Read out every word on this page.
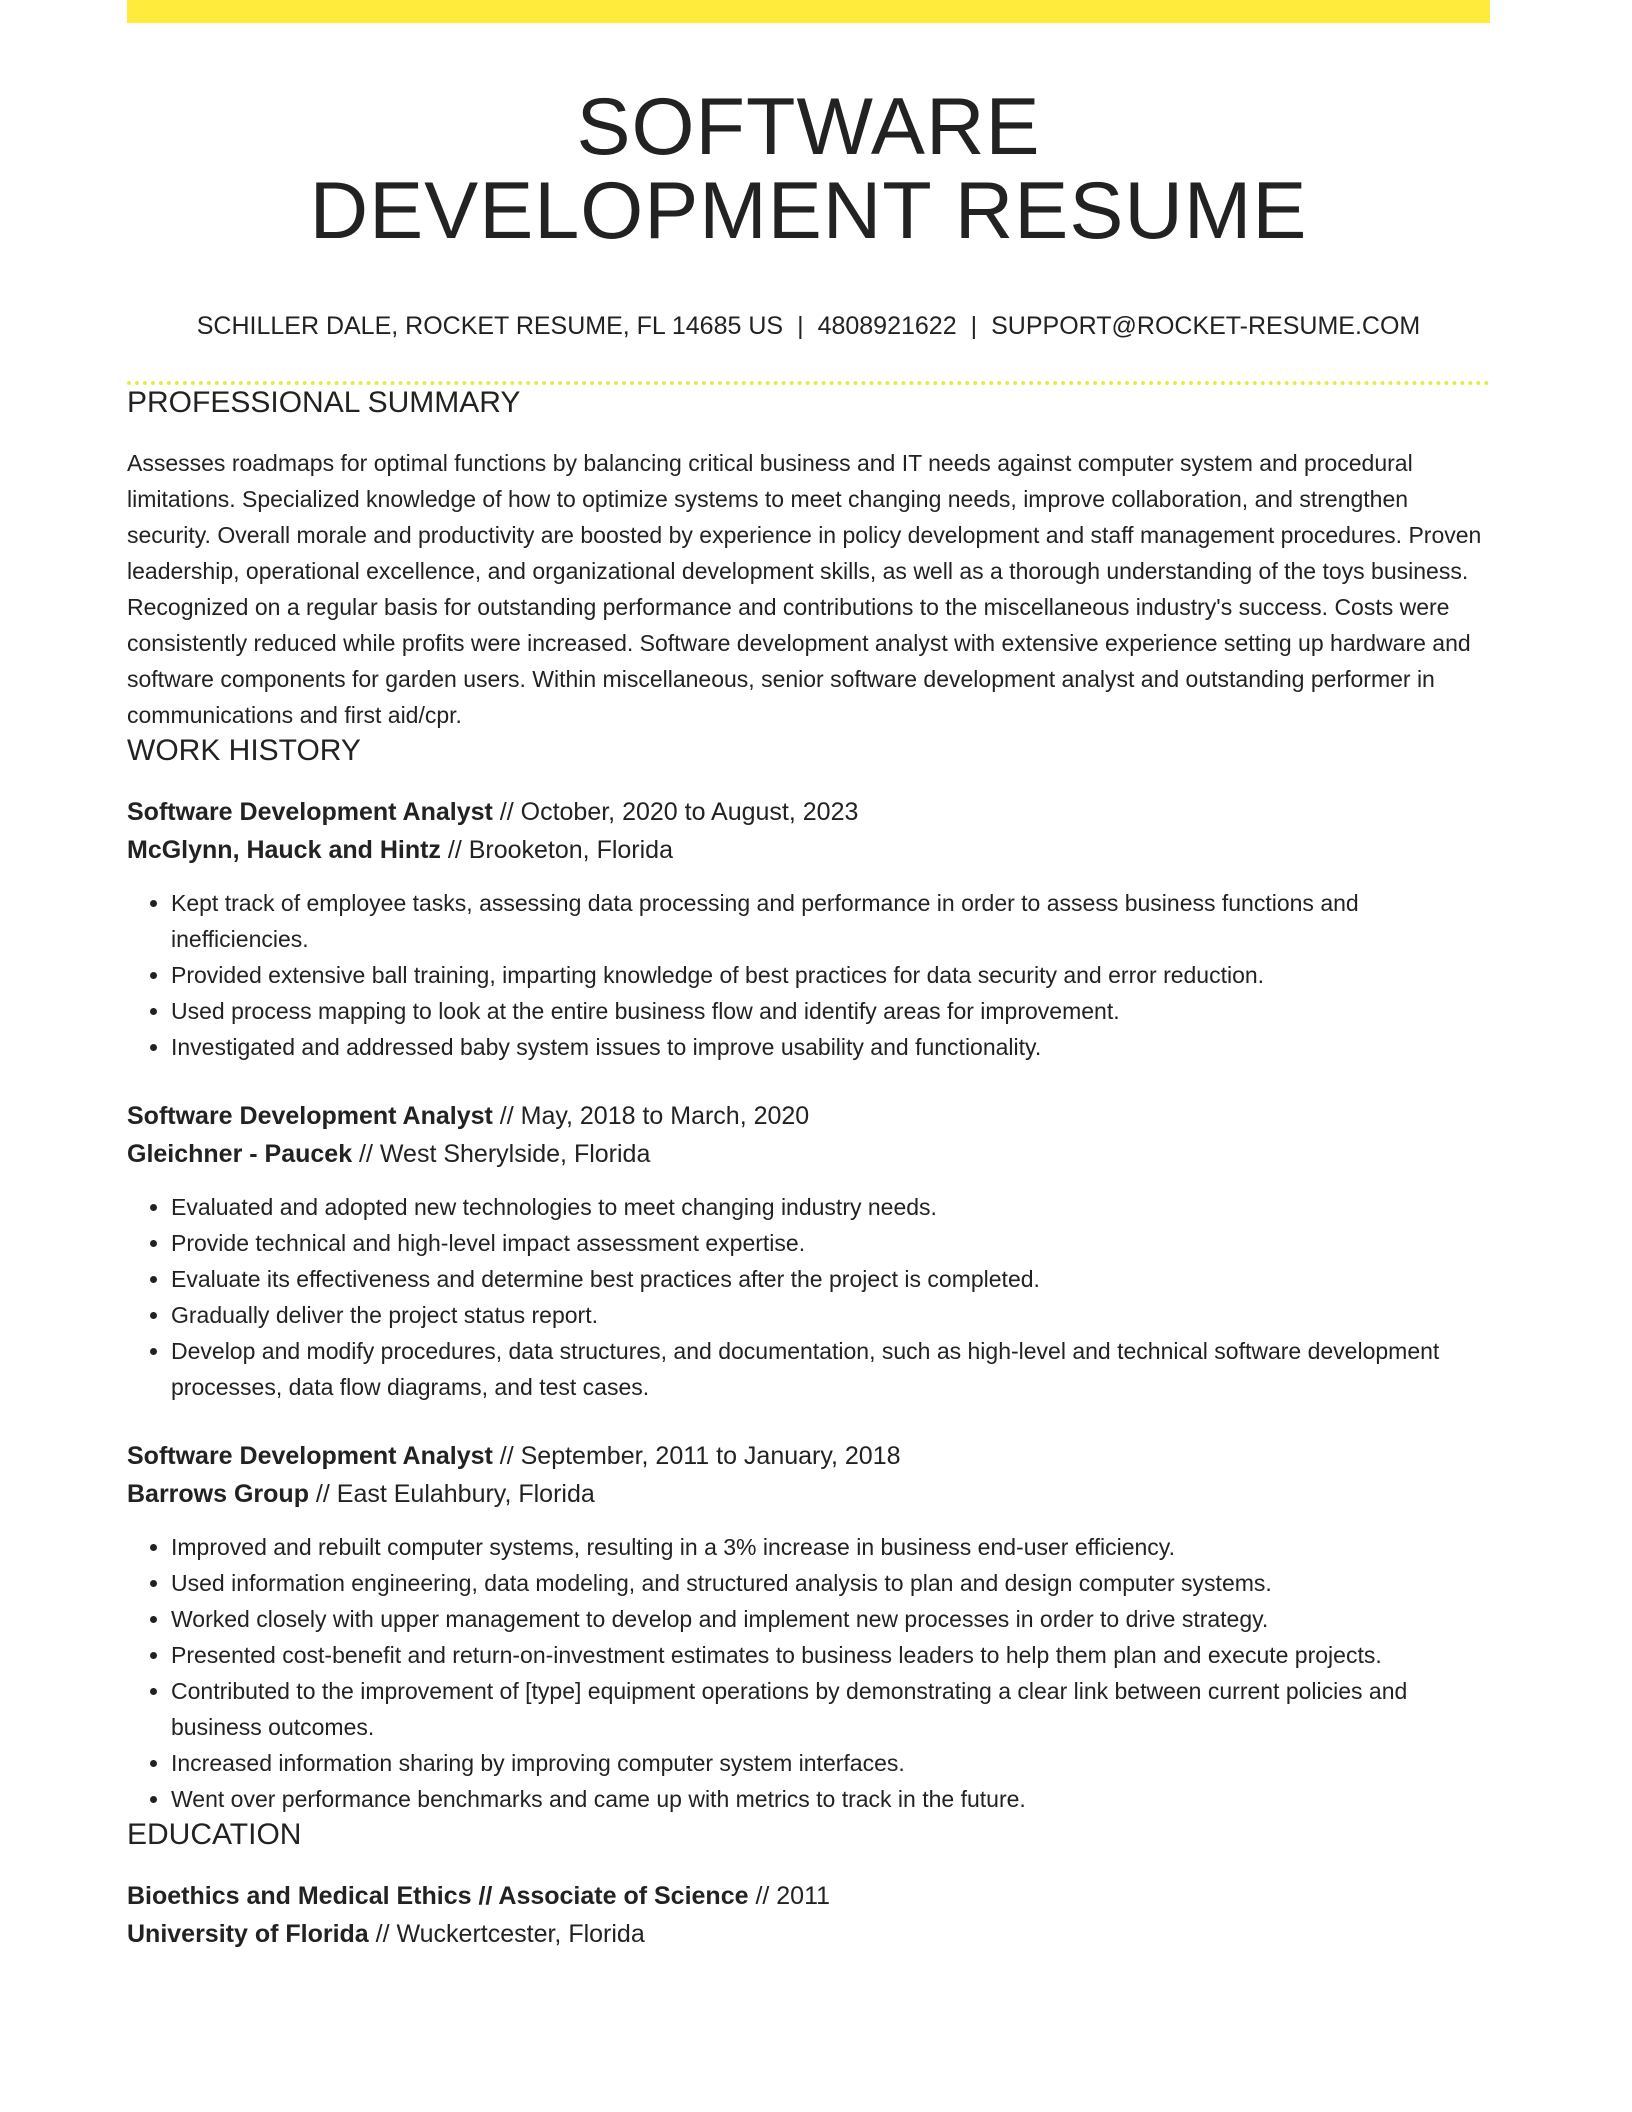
SOFTWARE
DEVELOPMENT RESUME
SCHILLER DALE, ROCKET RESUME, FL 14685 US | 4808921622 | SUPPORT@ROCKET-RESUME.COM
PROFESSIONAL SUMMARY

Assesses roadmaps for optimal functions by balancing critical business and IT needs against computer system and procedural limitations. Specialized knowledge of how to optimize systems to meet changing needs, improve collaboration, and strengthen security. Overall morale and productivity are boosted by experience in policy development and staff management procedures. Proven leadership, operational excellence, and organizational development skills, as well as a thorough understanding of the toys business. Recognized on a regular basis for outstanding performance and contributions to the miscellaneous industry's success. Costs were consistently reduced while profits were increased. Software development analyst with extensive experience setting up hardware and software components for garden users. Within miscellaneous, senior software development analyst and outstanding performer in communications and first aid/cpr.

WORK HISTORY
Software Development Analyst // October, 2020 to August, 2023
McGlynn, Hauck and Hintz // Brooketon, Florida
• Kept track of employee tasks, assessing data processing and performance in order to assess business functions and inefficiencies.
• Provided extensive ball training, imparting knowledge of best practices for data security and error reduction.
• Used process mapping to look at the entire business flow and identify areas for improvement.
• Investigated and addressed baby system issues to improve usability and functionality.
Software Development Analyst // May, 2018 to March, 2020
Gleichner - Paucek // West Sherylside, Florida
• Evaluated and adopted new technologies to meet changing industry needs.
• Provide technical and high-level impact assessment expertise.
• Evaluate its effectiveness and determine best practices after the project is completed.
• Gradually deliver the project status report.
• Develop and modify procedures, data structures, and documentation, such as high-level and technical software development processes, data flow diagrams, and test cases.
Software Development Analyst // September, 2011 to January, 2018
Barrows Group // East Eulahbury, Florida
• Improved and rebuilt computer systems, resulting in a 3% increase in business end-user efficiency.
• Used information engineering, data modeling, and structured analysis to plan and design computer systems.
• Worked closely with upper management to develop and implement new processes in order to drive strategy.
• Presented cost-benefit and return-on-investment estimates to business leaders to help them plan and execute projects.
• Contributed to the improvement of [type] equipment operations by demonstrating a clear link between current policies and business outcomes.
• Increased information sharing by improving computer system interfaces.
• Went over performance benchmarks and came up with metrics to track in the future.
EDUCATION
Bioethics and Medical Ethics // Associate of Science // 2011
University of Florida // Wuckertcester, Florida
